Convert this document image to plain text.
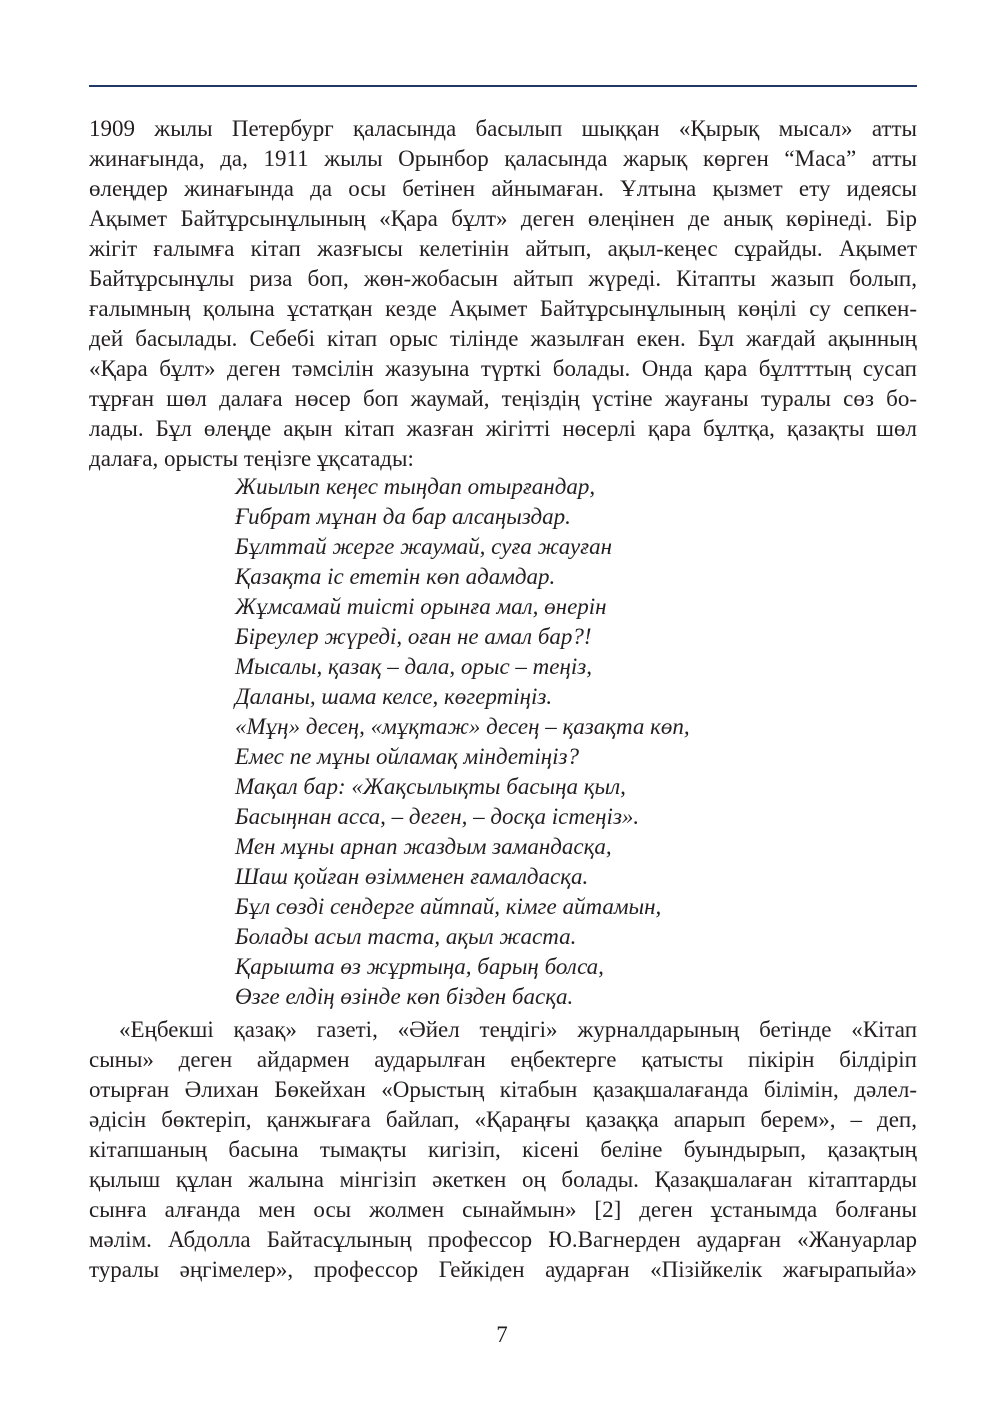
1909 жылы Петербург қаласында басылып шыққан «Қырық мысал» атты
жинағында, да, 1911 жылы Орынбор қаласында жарық көрген “Маса” атты
өлеңдер жинағында да осы бетінен айнымаған. Ұлтына қызмет ету идеясы
Ақымет Байтұрсынұлының «Қара бұлт» деген өлеңінен де анық көрінеді. Бір
жігіт ғалымға кітап жазғысы келетінін айтып, ақыл-кеңес сұрайды. Ақымет
Байтұрсынұлы риза боп, жөн-жобасын айтып жүреді. Кітапты жазып болып,
ғалымның қолына ұстатқан кезде Ақымет Байтұрсынұлының көңілі су сепкен-
дей басылады. Себебі кітап орыс тілінде жазылған екен. Бұл жағдай ақынның
«Қара бұлт» деген тәмсілін жазуына түрткі болады. Онда қара бұлтттың сусап
тұрған шөл далаға нөсер боп жаумай, теңіздің үстіне жауғаны туралы сөз бо-
лады. Бұл өлеңде ақын кітап жазған жігітті нөсерлі қара бұлтқа, қазақты шөл
далаға, орысты теңізге ұқсатады:
Жиылып кеңес тыңдап отырғандар,
Ғибрат мұнан да бар алсаңыздар.
Бұлттай жерге жаумай, суға жауған
Қазақта іс ететін көп адамдар.
Жұмсамай тиісті орынға мал, өнерін
Біреулер жүреді, оған не амал бар?!
Мысалы, қазақ – дала, орыс – теңіз,
Даланы, шама келсе, көгертіңіз.
«Мұң» десең, «мұқтаж» десең – қазақта көп,
Емес пе мұны ойламақ міндетіңіз?
Мақал бар: «Жақсылықты басыңа қыл,
Басыңнан асса, – деген, – досқа істеңіз».
Мен мұны арнап жаздым замандасқа,
Шаш қойған өзімменен ғамалдасқа.
Бұл сөзді сендерге айтпай, кімге айтамын,
Болады асыл таста, ақыл жаста.
Қарышта өз жұртыңа, барың болса,
Өзге елдің өзінде көп бізден басқа.
«Еңбекші қазақ» газеті, «Әйел теңдігі» журналдарының бетінде «Кітап
сыны» деген айдармен аударылған еңбектерге қатысты пікірін білдіріп
отырған Әлихан Бөкейхан «Орыстың кітабын қазақшалағанда білімін, дәлел-
әдісін бөктеріп, қанжығаға байлап, «Қараңғы қазаққа апарып берем», – деп,
кітапшаның басына тымақты кигізіп, кісені беліне буындырып, қазақтың
қылыш құлан жалына мінгізіп әкеткен оң болады. Қазақшалаған кітаптарды
сынға алғанда мен осы жолмен сынаймын» [2] деген ұстанымда болғаны
мәлім. Абдолла Байтасұлының профессор Ю.Вагнерден аударған «Жануарлар
туралы әңгімелер», профессор Гейкіден аударған «Пізійкелік жағырапыйа»
7
